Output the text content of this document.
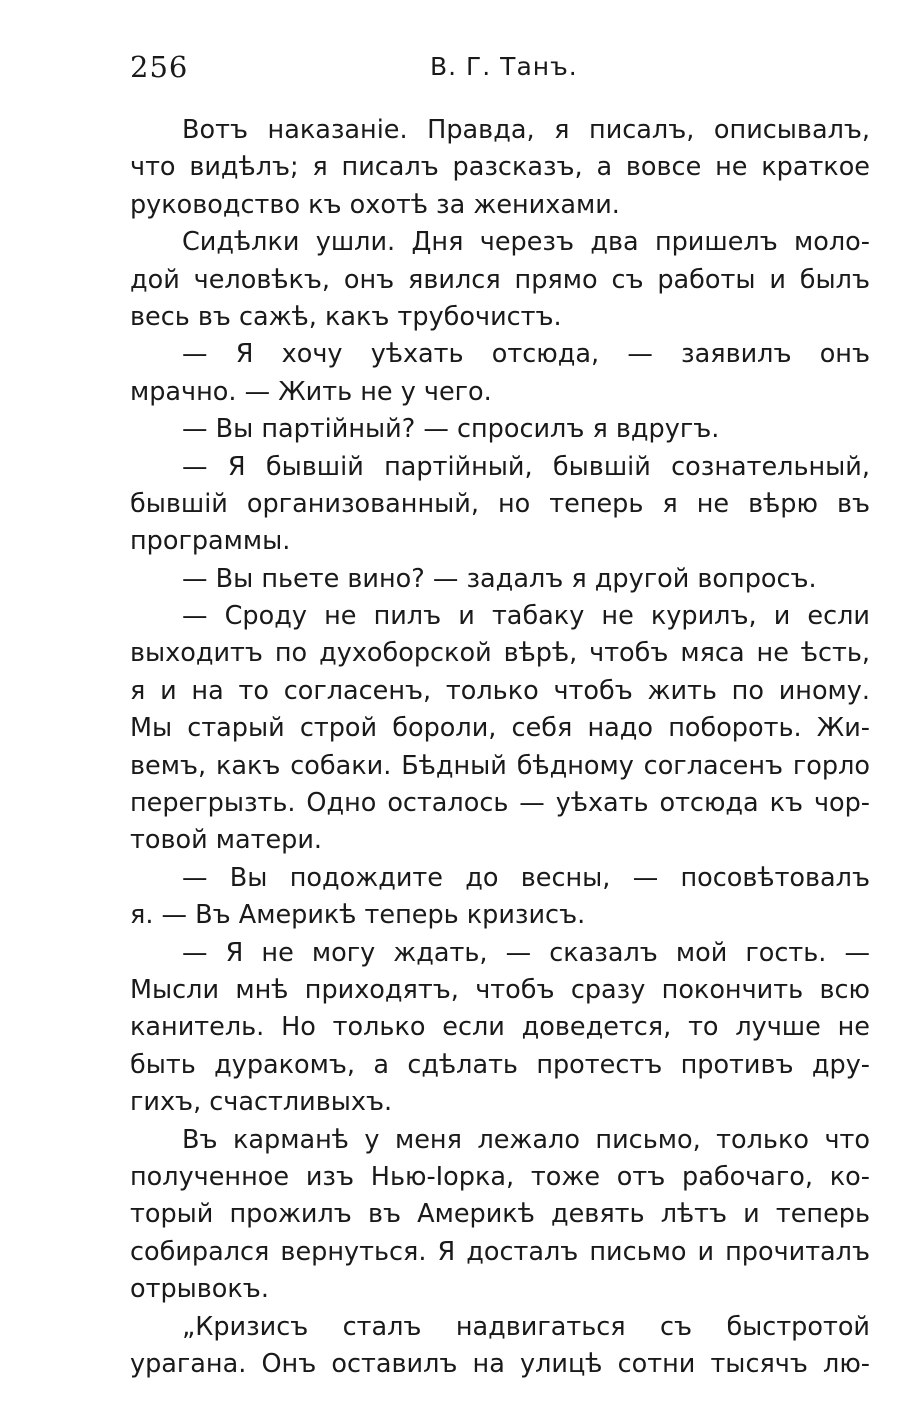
256	В. Г. Танъ.
Вотъ наказаніе. Правда, я писалъ, описывалъ,
что видѣлъ; я писалъ разсказъ, а вовсе не краткое
руководство къ охотѣ за женихами.
Сидѣлки ушли. Дня черезъ два пришелъ моло-
дой человѣкъ, онъ явился прямо съ работы и былъ
весь въ сажѣ, какъ трубочистъ.
— Я хочу уѣхать отсюда, — заявилъ онъ
мрачно. — Жить не у чего.
— Вы партійный? — спросилъ я вдругъ.
— Я бывшій партійный, бывшій сознательный,
бывшій организованный, но теперь я не вѣрю въ
программы.
— Вы пьете вино? — задалъ я другой вопросъ.
— Сроду не пилъ и табаку не курилъ, и если
выходитъ по духоборской вѣрѣ, чтобъ мяса не ѣсть,
я и на то согласенъ, только чтобъ жить по иному.
Мы старый строй бороли, себя надо побороть. Жи-
вемъ, какъ собаки. Бѣдный бѣдному согласенъ горло
перегрызть. Одно осталось — уѣхать отсюда къ чор-
товой матери.
— Вы подождите до весны, — посовѣтовалъ
я. — Въ Америкѣ теперь кризисъ.
— Я не могу ждать, — сказалъ мой гость. —
Мысли мнѣ приходятъ, чтобъ сразу покончить всю
канитель. Но только если доведется, то лучше не
быть дуракомъ, а сдѣлать протестъ противъ дру-
гихъ, счастливыхъ.
Въ карманѣ у меня лежало письмо, только что
полученное изъ Нью-Іорка, тоже отъ рабочаго, ко-
торый прожилъ въ Америкѣ девять лѣтъ и теперь
собирался вернуться. Я досталъ письмо и прочиталъ
отрывокъ.
„Кризисъ сталъ надвигаться съ быстротой
урагана. Онъ оставилъ на улицѣ сотни тысячъ лю-
